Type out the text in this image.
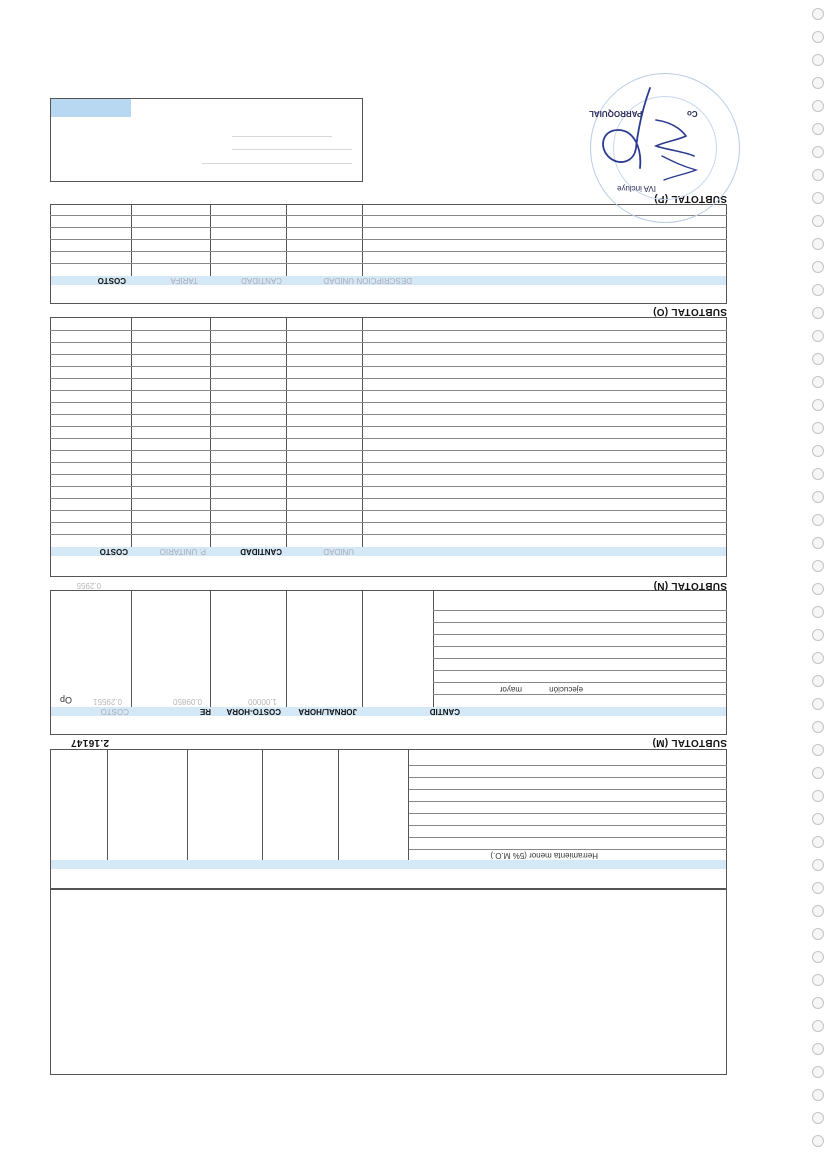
Herramienta menor (5% M.O.)
SUBTOTAL (M)
2.16147
CANTID
JORNAL/HORA
COSTO-HORA
RE
COSTO
Op
mayor	ejecución
1.00000
0.09850
0.29551
SUBTOTAL (N)
0.2955
UNIDAD
CANTIDAD
P. UNITARIO
COSTO
SUBTOTAL (O)
DESCRIPCION
UNIDAD
CANTIDAD
TARIFA
COSTO
SUBTOTAL (P)
PARROQUIAL	Co
IVA incluye
